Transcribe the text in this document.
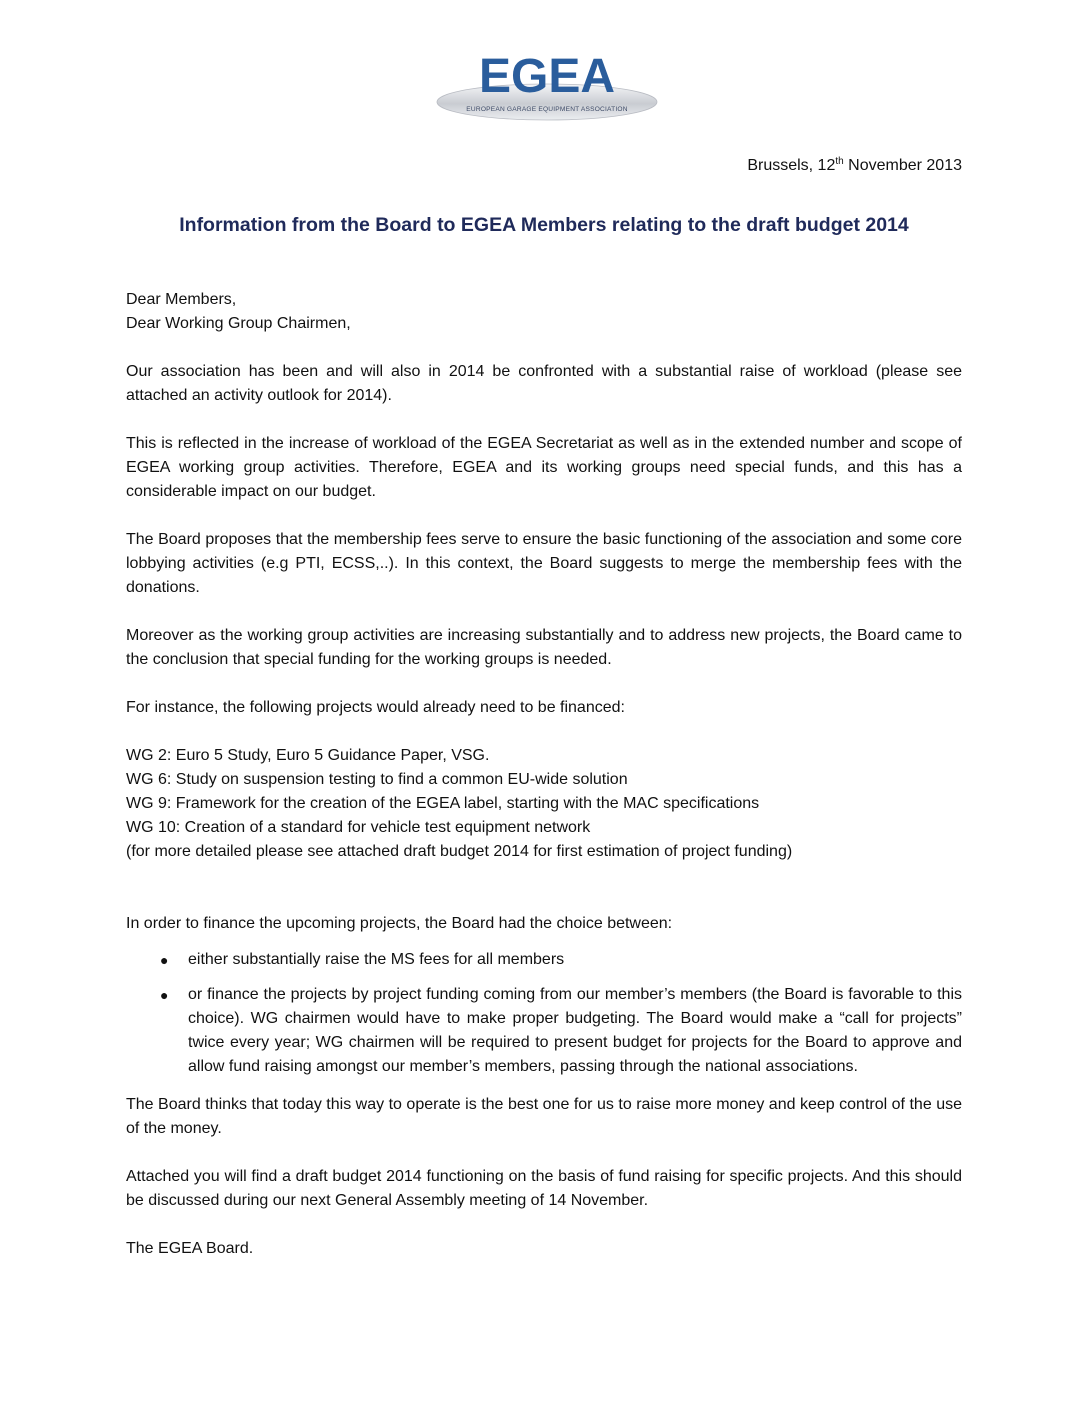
EGEA
EUROPEAN GARAGE EQUIPMENT ASSOCIATION
Brussels, 12th November 2013
Information from the Board to EGEA Members relating to the draft budget 2014

Dear Members,

Dear Working Group Chairmen,

Our association has been and will also in 2014 be confronted with a substantial raise of workload (please see attached an activity outlook for 2014).

This is reflected in the increase of workload of the EGEA Secretariat as well as in the extended number and scope of EGEA working group activities. Therefore, EGEA and its working groups need special funds, and this has a considerable impact on our budget.

The Board proposes that the membership fees serve to ensure the basic functioning of the association and some core lobbying activities (e.g PTI, ECSS,..). In this context, the Board suggests to merge the membership fees with the donations.

Moreover as the working group activities are increasing substantially and to address new projects, the Board came to the conclusion that special funding for the working groups is needed.

For instance, the following projects would already need to be financed:

WG 2: Euro 5 Study, Euro 5 Guidance Paper, VSG.

WG 6: Study on suspension testing to find a common EU-wide solution

WG 9: Framework for the creation of the EGEA label, starting with the MAC specifications

WG 10: Creation of a standard for vehicle test equipment network

(for more detailed please see attached draft budget 2014 for first estimation of project funding)

In order to finance the upcoming projects, the Board had the choice between:

● either substantially raise the MS fees for all members
● or finance the projects by project funding coming from our member’s members (the Board is favorable to this choice). WG chairmen would have to make proper budgeting. The Board would make a “call for projects” twice every year; WG chairmen will be required to present budget for projects for the Board to approve and allow fund raising amongst our member’s members, passing through the national associations.

The Board thinks that today this way to operate is the best one for us to raise more money and keep control of the use of the money.

Attached you will find a draft budget 2014 functioning on the basis of fund raising for specific projects. And this should be discussed during our next General Assembly meeting of 14 November.

The EGEA Board.
